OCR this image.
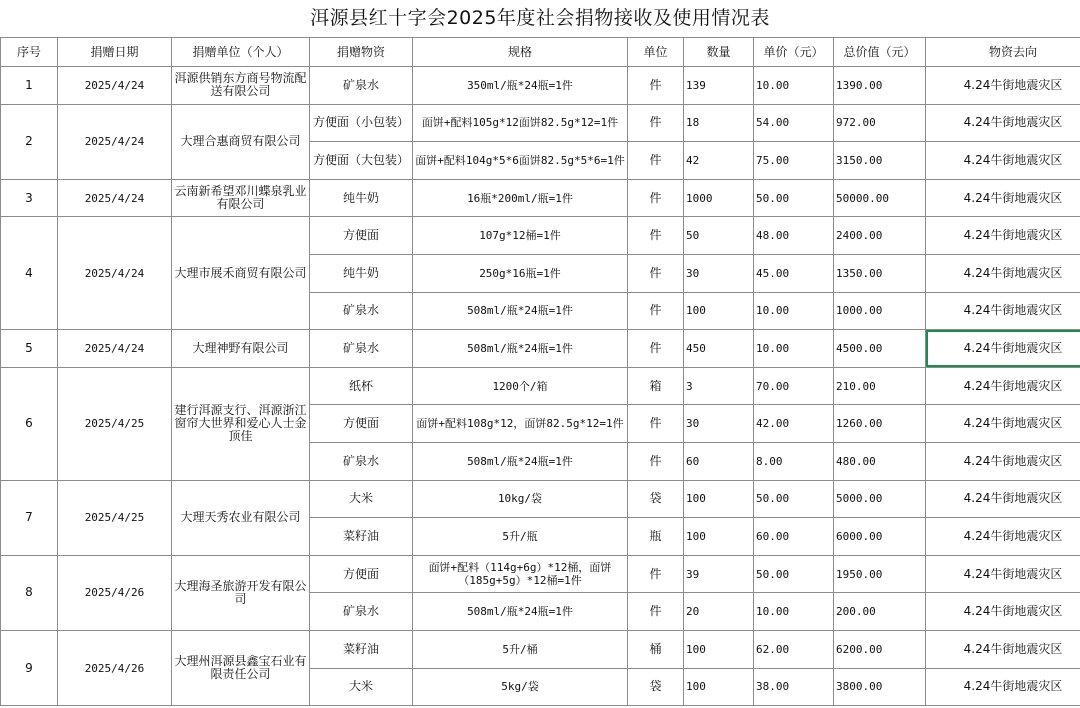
洱源县红十字会2025年度社会捐物接收及使用情况表
序号	捐赠日期	捐赠单位（个人）	捐赠物资	规格	单位	数量	单价（元）	总价值（元）	物资去向
1	2025/4/24	洱源供销东方商号物流配送有限公司	矿泉水	350ml/瓶*24瓶=1件	件	139	10.00	1390.00	4.24牛街地震灾区
2	2025/4/24	大理合惠商贸有限公司	方便面（小包装）	面饼+配料105g*12面饼82.5g*12=1件	件	18	54.00	972.00	4.24牛街地震灾区
			方便面（大包装）	面饼+配料104g*5*6面饼82.5g*5*6=1件	件	42	75.00	3150.00	4.24牛街地震灾区
3	2025/4/24	云南新希望邓川蝶泉乳业有限公司	纯牛奶	16瓶*200ml/瓶=1件	件	1000	50.00	50000.00	4.24牛街地震灾区
4	2025/4/24	大理市展禾商贸有限公司	方便面	107g*12桶=1件	件	50	48.00	2400.00	4.24牛街地震灾区
			纯牛奶	250g*16瓶=1件	件	30	45.00	1350.00	4.24牛街地震灾区
			矿泉水	508ml/瓶*24瓶=1件	件	100	10.00	1000.00	4.24牛街地震灾区
5	2025/4/24	大理神野有限公司	矿泉水	508ml/瓶*24瓶=1件	件	450	10.00	4500.00	4.24牛街地震灾区
6	2025/4/25	建行洱源支行、洱源浙江窗帘大世界和爱心人士金顶佳	纸杯	1200个/箱	箱	3	70.00	210.00	4.24牛街地震灾区
			方便面	面饼+配料108g*12，面饼82.5g*12=1件	件	30	42.00	1260.00	4.24牛街地震灾区
			矿泉水	508ml/瓶*24瓶=1件	件	60	8.00	480.00	4.24牛街地震灾区
7	2025/4/25	大理天秀农业有限公司	大米	10kg/袋	袋	100	50.00	5000.00	4.24牛街地震灾区
			菜籽油	5升/瓶	瓶	100	60.00	6000.00	4.24牛街地震灾区
8	2025/4/26	大理海圣旅游开发有限公司	方便面	面饼+配料（114g+6g）*12桶，面饼（185g+5g）*12桶=1件	件	39	50.00	1950.00	4.24牛街地震灾区
			矿泉水	508ml/瓶*24瓶=1件	件	20	10.00	200.00	4.24牛街地震灾区
9	2025/4/26	大理州洱源县鑫宝石业有限责任公司	菜籽油	5升/桶	桶	100	62.00	6200.00	4.24牛街地震灾区
			大米	5kg/袋	袋	100	38.00	3800.00	4.24牛街地震灾区
